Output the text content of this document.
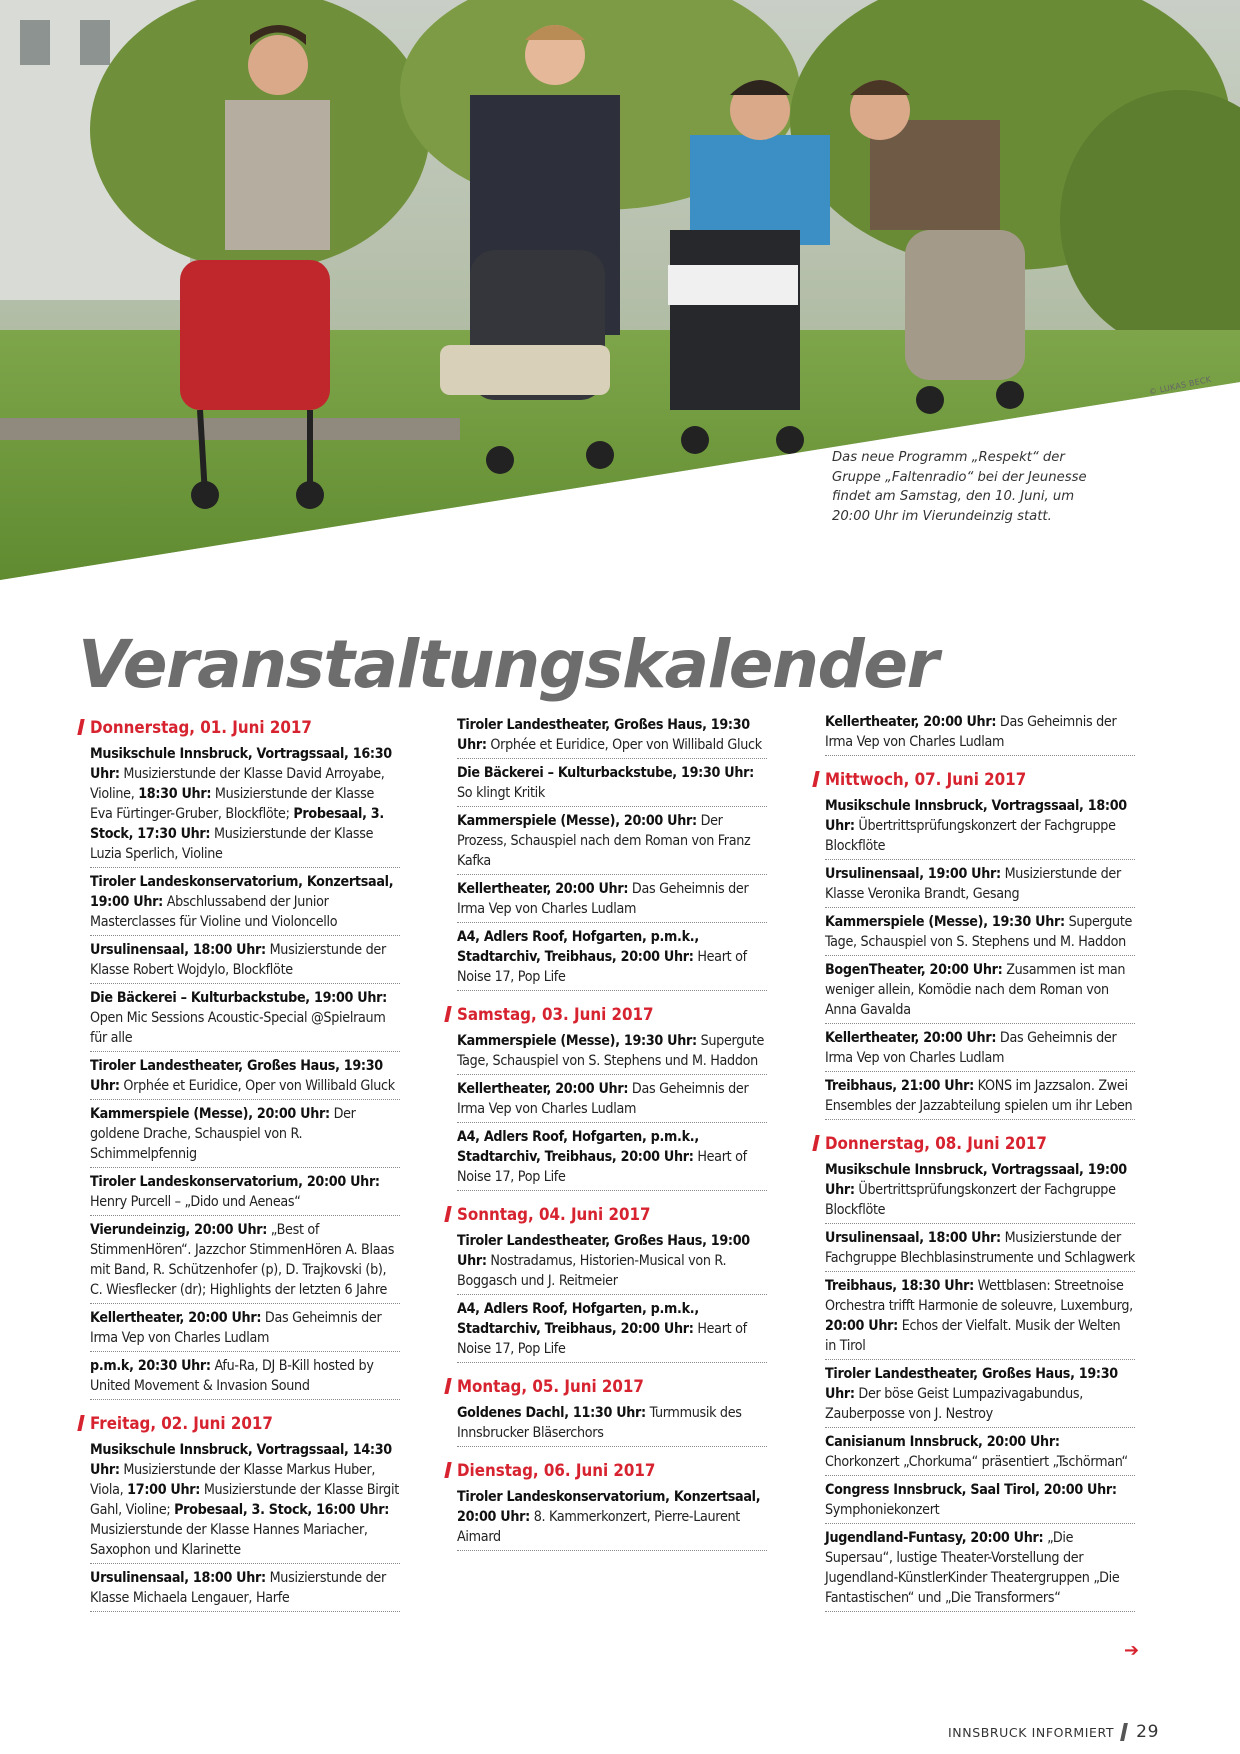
© LUKAS BECK
Das neue Programm „Respekt“ der Gruppe „Faltenradio“ bei der Jeunesse findet am Samstag, den 10. Juni, um 20:00 Uhr im Vierundeinzig statt.
Veranstaltungskalender
Donnerstag, 01. Juni 2017
Musikschule Innsbruck, Vortragssaal, 16:30 Uhr: Musizierstunde der Klasse David Arroyabe, Violine, 18:30 Uhr: Musizierstunde der Klasse Eva Fürtinger-Gruber, Blockflöte; Probesaal, 3. Stock, 17:30 Uhr: Musizierstunde der Klasse Luzia Sperlich, Violine
Tiroler Landeskonservatorium, Konzertsaal, 19:00 Uhr: Abschlussabend der Junior Masterclasses für Violine und Violoncello
Ursulinensaal, 18:00 Uhr: Musizierstunde der Klasse Robert Wojdylo, Blockflöte
Die Bäckerei – Kulturbackstube, 19:00 Uhr: Open Mic Sessions Acoustic-Special @Spielraum für alle
Tiroler Landestheater, Großes Haus, 19:30 Uhr: Orphée et Euridice, Oper von Willibald Gluck
Kammerspiele (Messe), 20:00 Uhr: Der goldene Drache, Schauspiel von R. Schimmelpfennig
Tiroler Landeskonservatorium, 20:00 Uhr: Henry Purcell – „Dido und Aeneas“
Vierundeinzig, 20:00 Uhr: „Best of StimmenHören“. Jazzchor StimmenHören A. Blaas mit Band, R. Schützenhofer (p), D. Trajkovski (b), C. Wiesflecker (dr); Highlights der letzten 6 Jahre
Kellertheater, 20:00 Uhr: Das Geheimnis der Irma Vep von Charles Ludlam
p.m.k, 20:30 Uhr: Afu-Ra, DJ B-Kill hosted by United Movement & Invasion Sound
Freitag, 02. Juni 2017
Musikschule Innsbruck, Vortragssaal, 14:30 Uhr: Musizierstunde der Klasse Markus Huber, Viola, 17:00 Uhr: Musizierstunde der Klasse Birgit Gahl, Violine; Probesaal, 3. Stock, 16:00 Uhr: Musizierstunde der Klasse Hannes Mariacher, Saxophon und Klarinette
Ursulinensaal, 18:00 Uhr: Musizierstunde der Klasse Michaela Lengauer, Harfe
Tiroler Landestheater, Großes Haus, 19:30 Uhr: Orphée et Euridice, Oper von Willibald Gluck
Die Bäckerei – Kulturbackstube, 19:30 Uhr: So klingt Kritik
Kammerspiele (Messe), 20:00 Uhr: Der Prozess, Schauspiel nach dem Roman von Franz Kafka
Kellertheater, 20:00 Uhr: Das Geheimnis der Irma Vep von Charles Ludlam
A4, Adlers Roof, Hofgarten, p.m.k., Stadtarchiv, Treibhaus, 20:00 Uhr: Heart of Noise 17, Pop Life
Samstag, 03. Juni 2017
Kammerspiele (Messe), 19:30 Uhr: Supergute Tage, Schauspiel von S. Stephens und M. Haddon
Kellertheater, 20:00 Uhr: Das Geheimnis der Irma Vep von Charles Ludlam
A4, Adlers Roof, Hofgarten, p.m.k., Stadtarchiv, Treibhaus, 20:00 Uhr: Heart of Noise 17, Pop Life
Sonntag, 04. Juni 2017
Tiroler Landestheater, Großes Haus, 19:00 Uhr: Nostradamus, Historien-Musical von R. Boggasch und J. Reitmeier
A4, Adlers Roof, Hofgarten, p.m.k., Stadtarchiv, Treibhaus, 20:00 Uhr: Heart of Noise 17, Pop Life
Montag, 05. Juni 2017
Goldenes Dachl, 11:30 Uhr: Turmmusik des Innsbrucker Bläserchors
Dienstag, 06. Juni 2017
Tiroler Landeskonservatorium, Konzertsaal, 20:00 Uhr: 8. Kammerkonzert, Pierre-Laurent Aimard
Kellertheater, 20:00 Uhr: Das Geheimnis der Irma Vep von Charles Ludlam
Mittwoch, 07. Juni 2017
Musikschule Innsbruck, Vortragssaal, 18:00 Uhr: Übertrittsprüfungskonzert der Fachgruppe Blockflöte
Ursulinensaal, 19:00 Uhr: Musizierstunde der Klasse Veronika Brandt, Gesang
Kammerspiele (Messe), 19:30 Uhr: Supergute Tage, Schauspiel von S. Stephens und M. Haddon
BogenTheater, 20:00 Uhr: Zusammen ist man weniger allein, Komödie nach dem Roman von Anna Gavalda
Kellertheater, 20:00 Uhr: Das Geheimnis der Irma Vep von Charles Ludlam
Treibhaus, 21:00 Uhr: KONS im Jazzsalon. Zwei Ensembles der Jazzabteilung spielen um ihr Leben
Donnerstag, 08. Juni 2017
Musikschule Innsbruck, Vortragssaal, 19:00 Uhr: Übertrittsprüfungskonzert der Fachgruppe Blockflöte
Ursulinensaal, 18:00 Uhr: Musizierstunde der Fachgruppe Blechblasinstrumente und Schlagwerk
Treibhaus, 18:30 Uhr: Wettblasen: Streetnoise Orchestra trifft Harmonie de soleuvre, Luxemburg, 20:00 Uhr: Echos der Vielfalt. Musik der Welten in Tirol
Tiroler Landestheater, Großes Haus, 19:30 Uhr: Der böse Geist Lumpazivagabundus, Zauberposse von J. Nestroy
Canisianum Innsbruck, 20:00 Uhr: Chorkonzert „Chorkuma“ präsentiert „Tschörman“
Congress Innsbruck, Saal Tirol, 20:00 Uhr: Symphoniekonzert
Jugendland-Funtasy, 20:00 Uhr: „Die Supersau“, lustige Theater-Vorstellung der Jugendland-KünstlerKinder Theatergruppen „Die Fantastischen“ und „Die Transformers“
➔
INNSBRUCK INFORMIERT 29
